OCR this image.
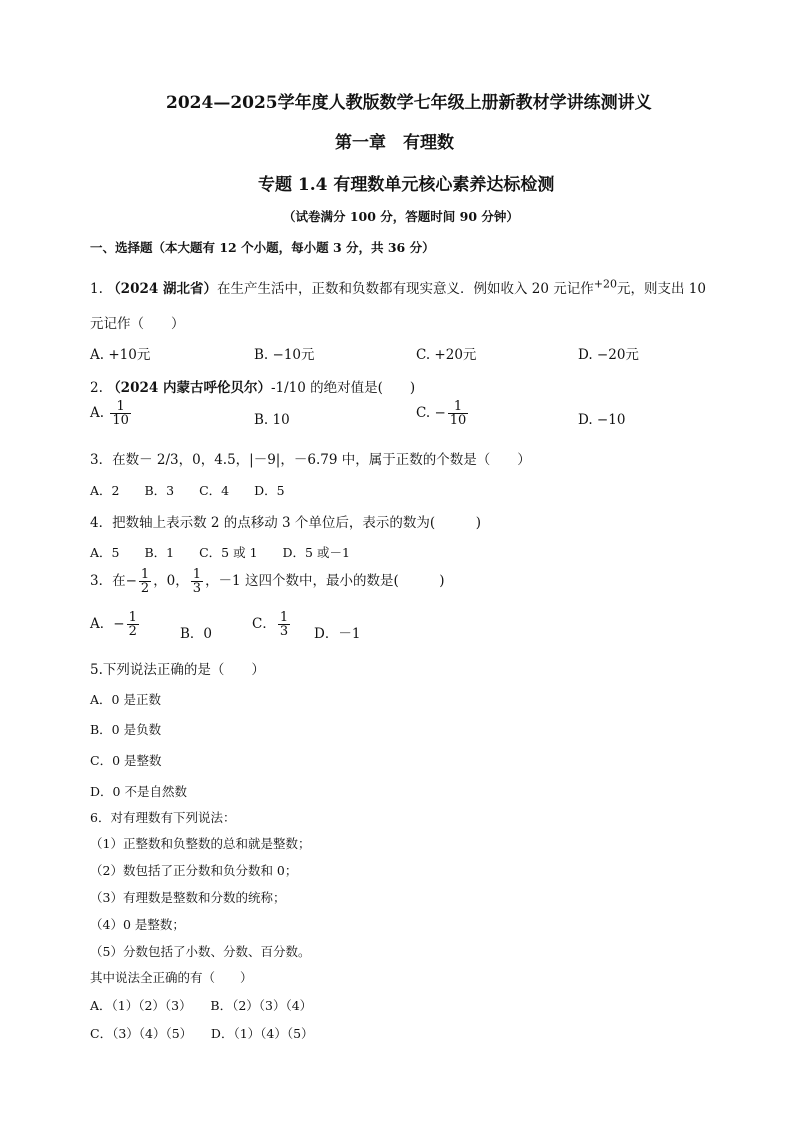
2024—2025学年度人教版数学七年级上册新教材学讲练测讲义
第一章　有理数
专题 1.4 有理数单元核心素养达标检测
（试卷满分 100 分，答题时间 90 分钟）
一、选择题（本大题有 12 个小题，每小题 3 分，共 36 分）
1. （2024 湖北省）在生产生活中，正数和负数都有现实意义．例如收入 20 元记作$^{+20}$元，则支出 10
元记作（　　）
A. +10元	B. −10元	C. +20元	D. −20元
2. （2024 内蒙古呼伦贝尔）-1/10 的绝对值是(　　)
A. $\frac{1}{10}$	B. 10	C. − $\frac{1}{10}$	D. −10
3．在数－ 2/3，0，4.5，|－9|，－6.79 中，属于正数的个数是（　　）
A．2　　B．3　　C．4　　D．5
4．把数轴上表示数 2 的点移动 3 个单位后，表示的数为(　　　)
A．5　　B．1　　C．5 或 1　　D．5 或－1
3．在− $\frac{1}{2}$ ，0， $\frac{1}{3}$ ，－1 这四个数中，最小的数是(　　　)
A．− $\frac{1}{2}$	B．0
C． $\frac{1}{3}$ D．－1
5.下列说法正确的是（　　）
A．0 是正数
B．0 是负数
C．0 是整数
D．0 不是自然数
6．对有理数有下列说法：
（1）正整数和负整数的总和就是整数；
（2）数包括了正分数和负分数和 0；
（3）有理数是整数和分数的统称；
（4）0 是整数；
（5）分数包括了小数、分数、百分数。
其中说法全正确的有（　　）
A．（1）（2）（3）　　B．（2）（3）（4）
C．（3）（4）（5）　　D．（1）（4）（5）
